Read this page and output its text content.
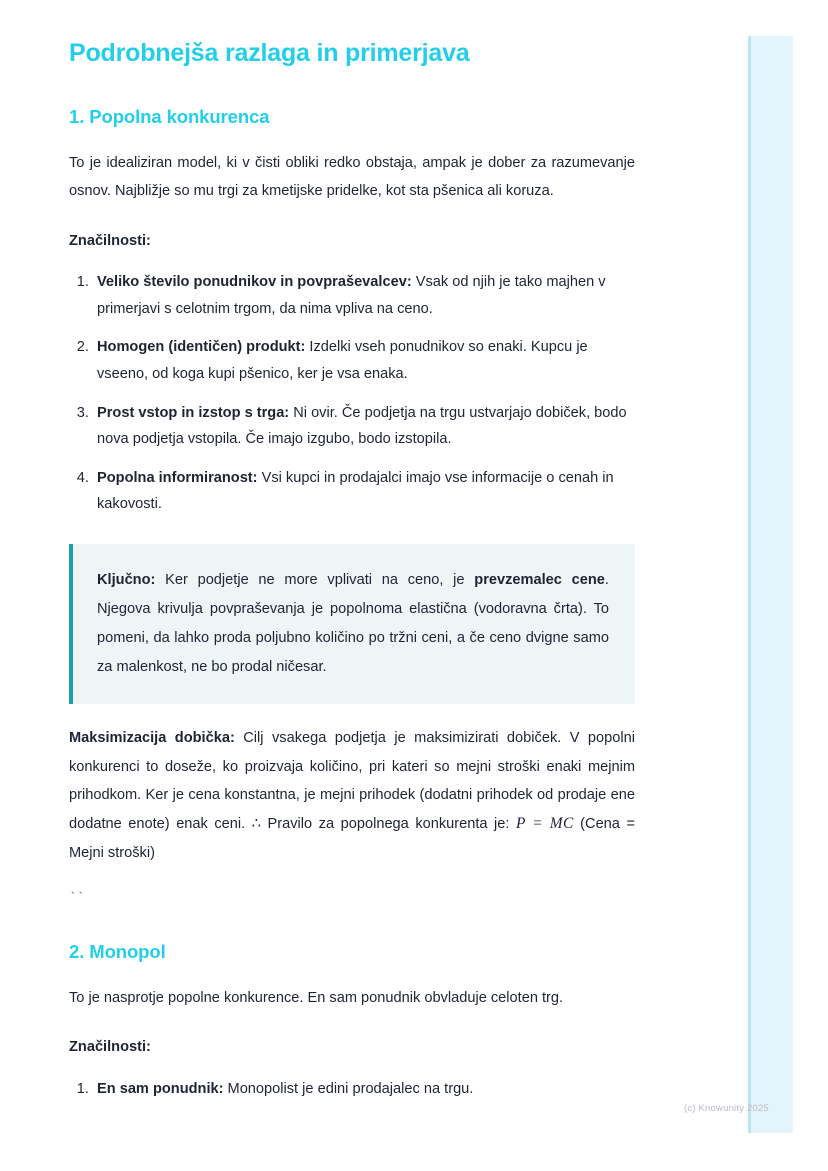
Podrobnejša razlaga in primerjava
1. Popolna konkurenca

To je idealiziran model, ki v čisti obliki redko obstaja, ampak je dober za razumevanje osnov. Najbližje so mu trgi za kmetijske pridelke, kot sta pšenica ali koruza.

Značilnosti:

1. Veliko število ponudnikov in povpraševalcev: Vsak od njih je tako majhen v primerjavi s celotnim trgom, da nima vpliva na ceno.
2. Homogen (identičen) produkt: Izdelki vseh ponudnikov so enaki. Kupcu je vseeno, od koga kupi pšenico, ker je vsa enaka.
3. Prost vstop in izstop s trga: Ni ovir. Če podjetja na trgu ustvarjajo dobiček, bodo nova podjetja vstopila. Če imajo izgubo, bodo izstopila.
4. Popolna informiranost: Vsi kupci in prodajalci imajo vse informacije o cenah in kakovosti.

Ključno: Ker podjetje ne more vplivati na ceno, je prevzemalec cene. Njegova krivulja povpraševanja je popolnoma elastična (vodoravna črta). To pomeni, da lahko proda poljubno količino po tržni ceni, a če ceno dvigne samo za malenkost, ne bo prodal ničesar.

Maksimizacija dobička: Cilj vsakega podjetja je maksimizirati dobiček. V popolni konkurenci to doseže, ko proizvaja količino, pri kateri so mejni stroški enaki mejnim prihodkom. Ker je cena konstantna, je mejni prihodek (dodatni prihodek od prodaje ene dodatne enote) enak ceni. ∴ Pravilo za popolnega konkurenta je: P = MC (Cena = Mejni stroški)

``

2. Monopol

To je nasprotje popolne konkurence. En sam ponudnik obvladuje celoten trg.

Značilnosti:

1. En sam ponudnik: Monopolist je edini prodajalec na trgu.
(c) Knowunity 2025
